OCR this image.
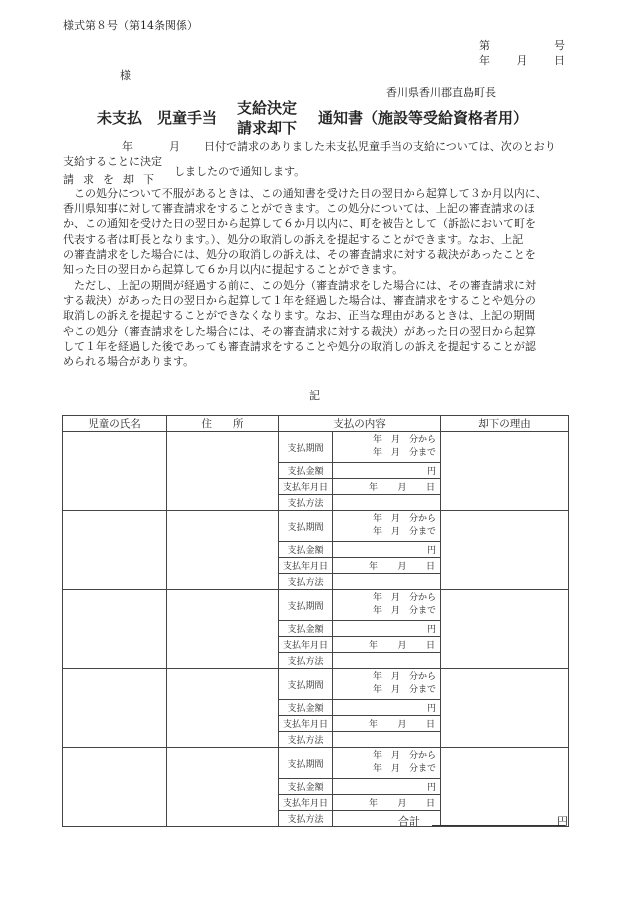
様式第８号（第14条関係）
第	号
年 月 日
様
香川県香川郡直島町長
未支払　児童手当
支給決定
請求却下
通知書（施設等受給資格者用）
年	月 日付で請求のありました未支払児童手当の支給については、次のとおり
支給することに決定
請求を却下
しましたので通知します。
　この処分について不服があるときは、この通知書を受けた日の翌日から起算して３か月以内に、
香川県知事に対して審査請求をすることができます。この処分については、上記の審査請求のほ
か、この通知を受けた日の翌日から起算して６か月以内に、町を被告として（訴訟において町を
代表する者は町長となります。）、処分の取消しの訴えを提起することができます。なお、上記
の審査請求をした場合には、処分の取消しの訴えは、その審査請求に対する裁決があったことを
知った日の翌日から起算して６か月以内に提起することができます。
　ただし、上記の期間が経過する前に、この処分（審査請求をした場合には、その審査請求に対
する裁決）があった日の翌日から起算して１年を経過した場合は、審査請求をすることや処分の
取消しの訴えを提起することができなくなります。なお、正当な理由があるときは、上記の期間
やこの処分（審査請求をした場合には、その審査請求に対する裁決）があった日の翌日から起算
して１年を経過した後であっても審査請求をすることや処分の取消しの訴えを提起することが認
められる場合があります。
記
児童の氏名	住　　所	支払の内容		却下の理由
		支払期間	年　月　分から
年　月　分まで	

		支払金額	円	
		支払年月日	年 月 日	

		支払方法		
		支払期間	年　月　分から
年　月　分まで	

		支払金額	円	
		支払年月日	年 月 日	

		支払方法		
		支払期間	年　月　分から
年　月　分まで	

		支払金額	円	
		支払年月日	年 月 日	

		支払方法		
		支払期間	年　月　分から
年　月　分まで	

		支払金額	円	
		支払年月日	年 月 日	

		支払方法		
		支払期間	年　月　分から
年　月　分まで	

		支払金額	円	
		支払年月日	年 月 日	

		支払方法			合計	円
